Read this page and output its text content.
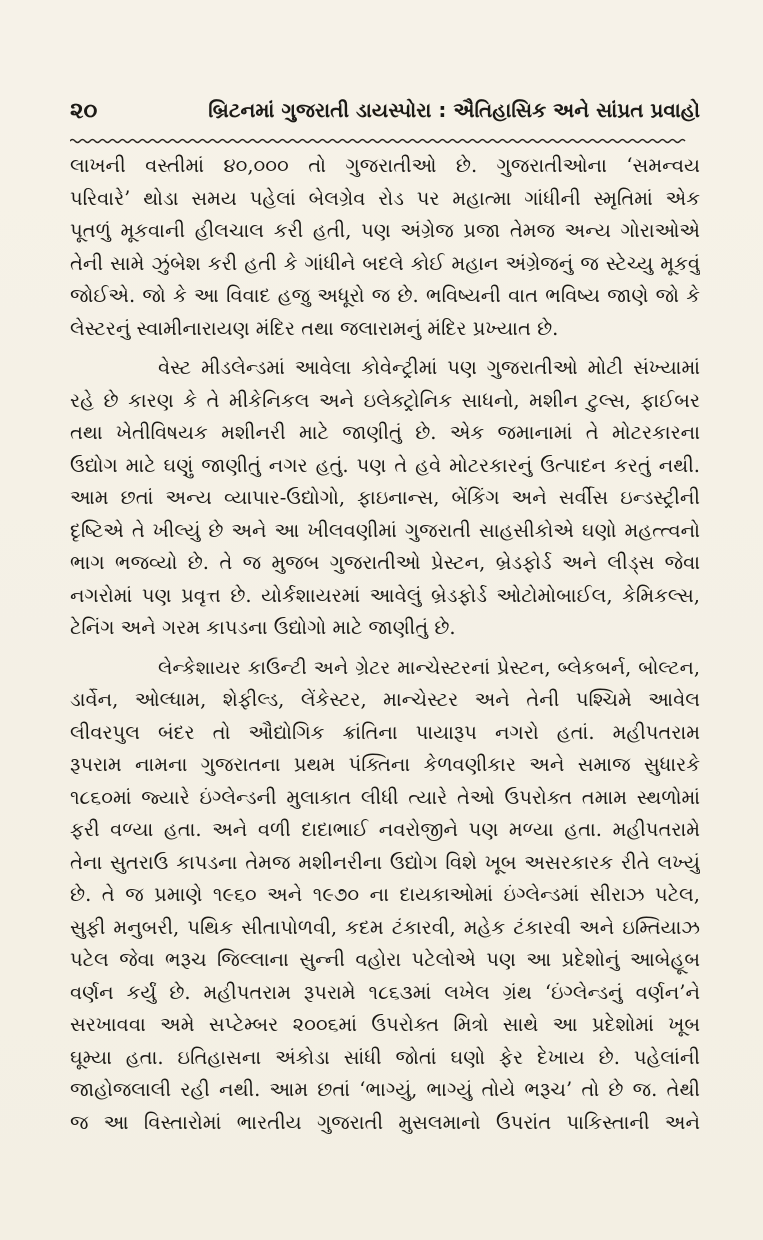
૨૦	બ્રિટનમાં ગુજરાતી ડાયસ્પોરા : ઐતિહાસિક અને સાંપ્રત પ્રવાહો
લાખની વસ્તીમાં ૪૦,૦૦૦ તો ગુજરાતીઓ છે. ગુજરાતીઓના ‘સમન્વય
પરિવારે’ થોડા સમય પહેલાં બેલગ્રેવ રોડ પર મહાત્મા ગાંધીની સ્મૃતિમાં એક
પૂતળું મૂકવાની હીલચાલ કરી હતી, પણ અંગ્રેજ પ્રજા તેમજ અન્ય ગોરાઓએ
તેની સામે ઝુંબેશ કરી હતી કે ગાંધીને બદલે કોઈ મહાન અંગ્રેજનું જ સ્ટેચ્યુ મૂકવું
જોઈએ. જો કે આ વિવાદ હજુ અધૂરો જ છે. ભવિષ્યની વાત ભવિષ્ય જાણે જો કે
લેસ્ટરનું સ્વામીનારાયણ મંદિર તથા જલારામનું મંદિર પ્રખ્યાત છે.
વેસ્ટ મીડલેન્ડમાં આવેલા કોવેન્ટ્રીમાં પણ ગુજરાતીઓ મોટી સંખ્યામાં
રહે છે કારણ કે તે મીકેનિકલ અને ઇલેક્ટ્રોનિક સાધનો, મશીન ટુલ્સ, ફાઈબર
તથા ખેતીવિષયક મશીનરી માટે જાણીતું છે. એક જમાનામાં તે મોટરકારના
ઉદ્યોગ માટે ઘણું જાણીતું નગર હતું. પણ તે હવે મોટરકારનું ઉત્પાદન કરતું નથી.
આમ છતાં અન્ય વ્યાપાર-ઉદ્યોગો, ફાઇનાન્સ, બેંકિંગ અને સર્વીસ ઇન્ડસ્ટ્રીની
દૃષ્ટિએ તે ખીલ્યું છે અને આ ખીલવણીમાં ગુજરાતી સાહસીકોએ ઘણો મહત્ત્વનો
ભાગ ભજવ્યો છે. તે જ મુજબ ગુજરાતીઓ પ્રેસ્ટન, બ્રેડફોર્ડ અને લીડ્સ જેવા
નગરોમાં પણ પ્રવૃત્ત છે. યોર્કશાયરમાં આવેલું બ્રેડફોર્ડ ઓટોમોબાઈલ, કેમિકલ્સ,
ટેનિંગ અને ગરમ કાપડના ઉદ્યોગો માટે જાણીતું છે.
લેન્કેશાયર કાઉન્ટી અને ગ્રેટર માન્ચેસ્ટરનાં પ્રેસ્ટન, બ્લેકબર્ન, બોલ્ટન,
ડાર્વેન, ઓલ્ધામ, શેફીલ્ડ, લેંકેસ્ટર, માન્ચેસ્ટર અને તેની પશ્ચિમે આવેલ
લીવરપુલ બંદર તો ઔદ્યોગિક ક્રાંતિના પાયારૂપ નગરો હતાં. મહીપતરામ
રૂપરામ નામના ગુજરાતના પ્રથમ પંક્તિના કેળવણીકાર અને સમાજ સુધારકે
૧૮૬૦માં જ્યારે ઇંગ્લેન્ડની મુલાકાત લીધી ત્યારે તેઓ ઉપરોક્ત તમામ સ્થળોમાં
ફરી વળ્યા હતા. અને વળી દાદાભાઈ નવરોજીને પણ મળ્યા હતા. મહીપતરામે
તેના સુતરાઉ કાપડના તેમજ મશીનરીના ઉદ્યોગ વિશે ખૂબ અસરકારક રીતે લખ્યું
છે. તે જ પ્રમાણે ૧૯૬૦ અને ૧૯૭૦ ના દાયકાઓમાં ઇંગ્લેન્ડમાં સીરાઝ પટેલ,
સુફી મનુબરી, પથિક સીતાપોળવી, કદમ ટંકારવી, મહેક ટંકારવી અને ઇમ્તિયાઝ
પટેલ જેવા ભરૂચ જિલ્લાના સુન્ની વહોરા પટેલોએ પણ આ પ્રદેશોનું આબેહૂબ
વર્ણન કર્યું છે. મહીપતરામ રૂપરામે ૧૮૬૩માં લખેલ ગ્રંથ ‘ઇંગ્લેન્ડનું વર્ણન’ને
સરખાવવા અમે સપ્ટેમ્બર ૨૦૦૬માં ઉપરોક્ત મિત્રો સાથે આ પ્રદેશોમાં ખૂબ
ઘૂમ્યા હતા. ઇતિહાસના અંકોડા સાંધી જોતાં ઘણો ફેર દેખાય છે. પહેલાંની
જાહોજલાલી રહી નથી. આમ છતાં ‘ભાગ્યું, ભાગ્યું તોયે ભરૂચ’ તો છે જ. તેથી
જ આ વિસ્તારોમાં ભારતીય ગુજરાતી મુસલમાનો ઉપરાંત પાકિસ્તાની અને
